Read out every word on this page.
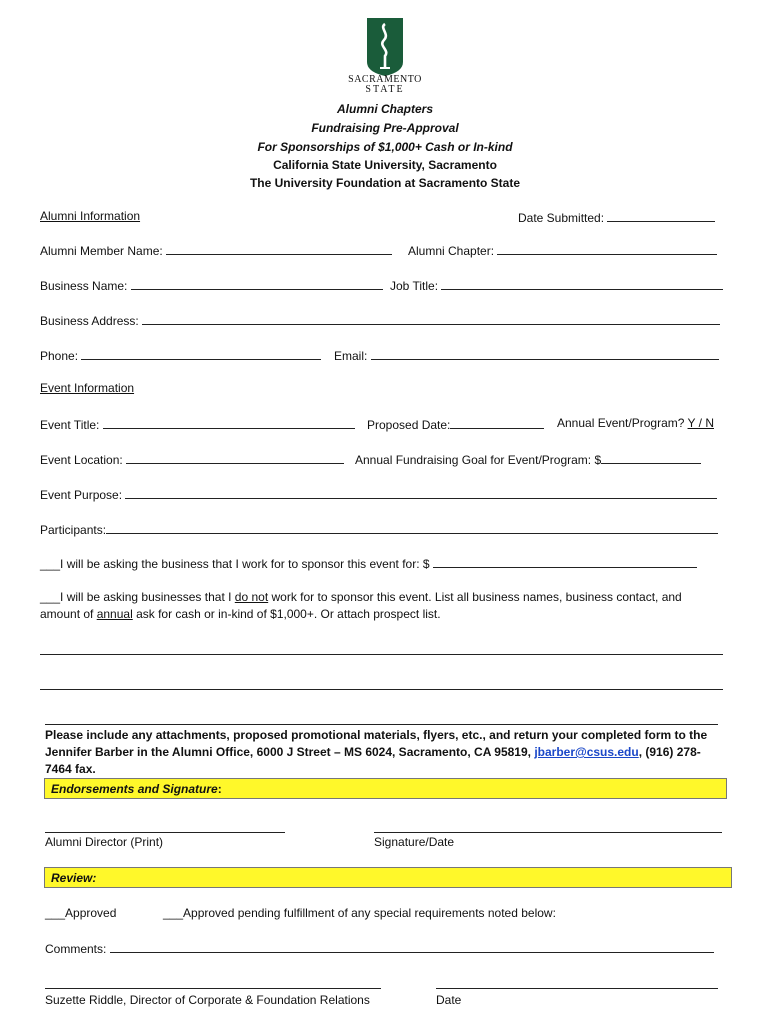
SACRAMENTO
STATE
Alumni Chapters
Fundraising Pre-Approval
For Sponsorships of $1,000+ Cash or In-kind
California State University, Sacramento
The University Foundation at Sacramento State
Alumni Information	Date Submitted:
Alumni Member Name:	Alumni Chapter:
Business Name:	Job Title:
Business Address:
Phone:	Email:
Event Information
Event Title:	Proposed Date:	Annual Event/Program? Y / N
Event Location:	Annual Fundraising Goal for Event/Program: $
Event Purpose:
Participants:
___I will be asking the business that I work for to sponsor this event for: $
___I will be asking businesses that I do not work for to sponsor this event. List all business names, business contact, and
amount of annual ask for cash or in-kind of $1,000+. Or attach prospect list.
Please include any attachments, proposed promotional materials, flyers, etc., and return your completed form to the
Jennifer Barber in the Alumni Office, 6000 J Street – MS 6024, Sacramento, CA 95819, jbarber@csus.edu, (916) 278-
7464 fax.
Endorsements and Signature:
Alumni Director (Print)	Signature/Date
Review:
___Approved	___Approved pending fulfillment of any special requirements noted below:
Comments:
Suzette Riddle, Director of Corporate & Foundation Relations	Date
